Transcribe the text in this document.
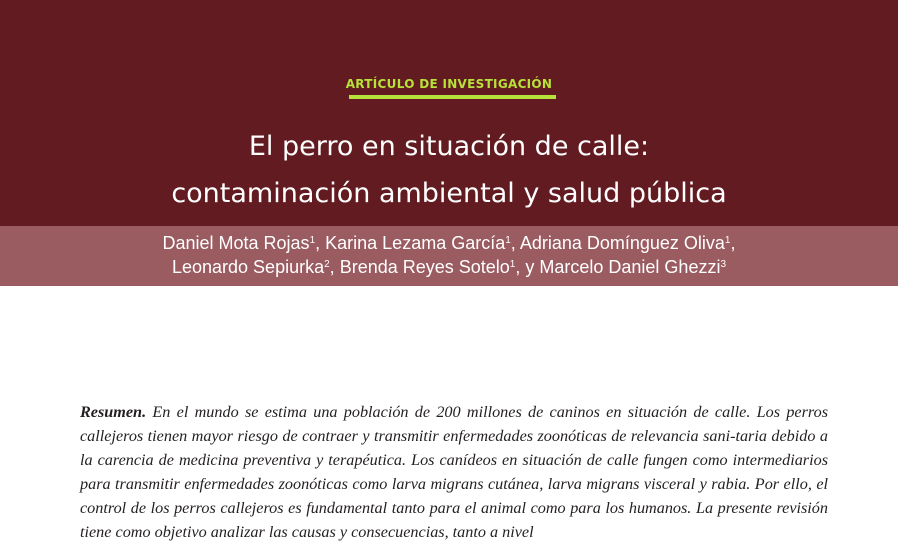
ARTÍCULO DE INVESTIGACIÓN
El perro en situación de calle:
contaminación ambiental y salud pública
Daniel Mota Rojas$^1$, Karina Lezama García$^1$, Adriana Domínguez Oliva$^1$,
Leonardo Sepiurka$^2$, Brenda Reyes Sotelo$^1$, y Marcelo Daniel Ghezzi$^3$
Resumen. En el mundo se estima una población de 200 millones de caninos en situación de calle. Los perros callejeros tienen mayor riesgo de contraer y transmitir enfermedades zoonóticas de relevancia sani-taria debido a la carencia de medicina preventiva y terapéutica. Los canídeos en situación de calle fungen como intermediarios para transmitir enfermedades zoonóticas como larva migrans cutánea, larva migrans visceral y rabia. Por ello, el control de los perros callejeros es fundamental tanto para el animal como para los humanos. La presente revisión tiene como objetivo analizar las causas y consecuencias, tanto a nivel
